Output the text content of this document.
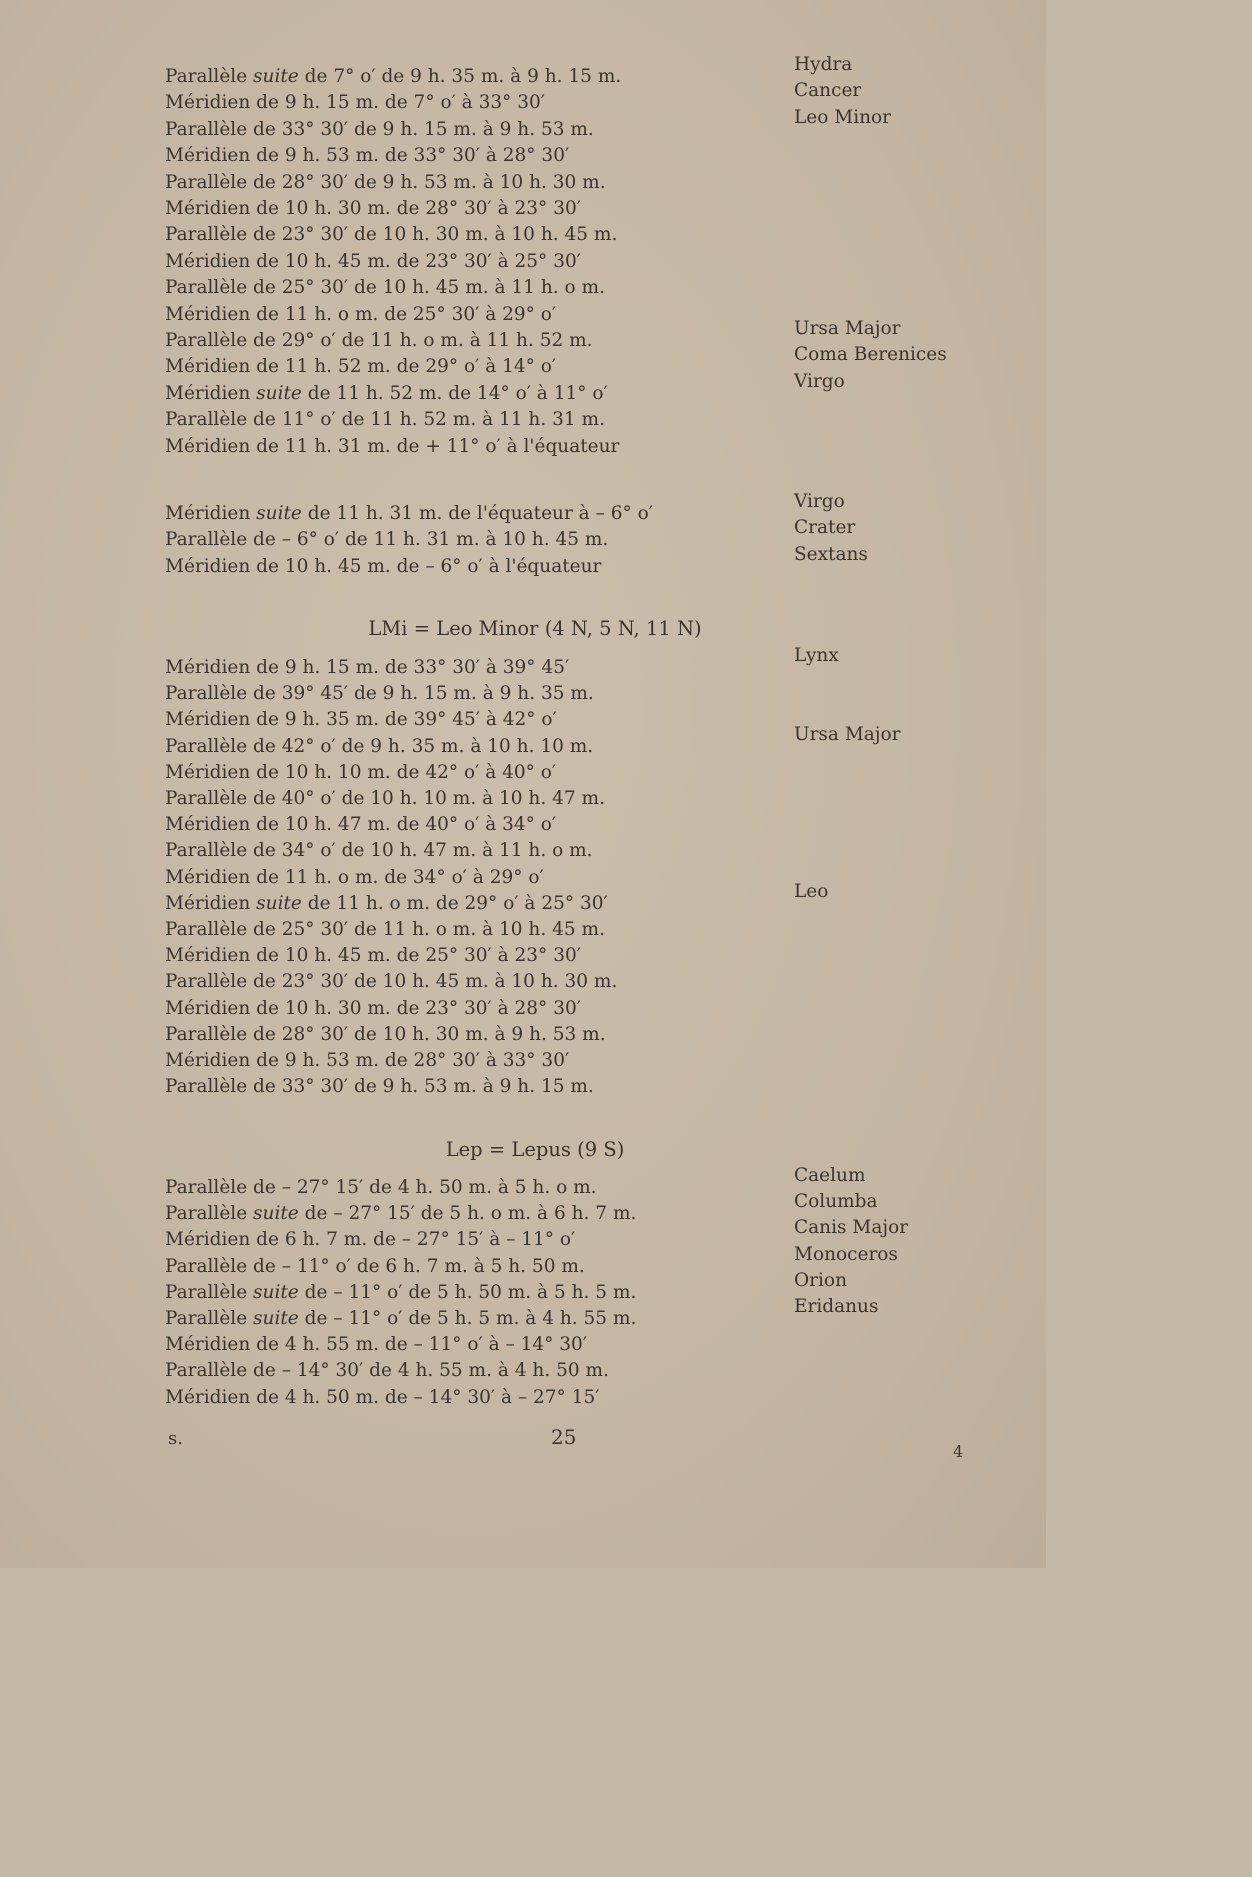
Parallèle suite de 7° o′ de 9 h. 35 m. à 9 h. 15 m.
Méridien de 9 h. 15 m. de 7° o′ à 33° 30′
Parallèle de 33° 30′ de 9 h. 15 m. à 9 h. 53 m.
Méridien de 9 h. 53 m. de 33° 30′ à 28° 30′
Parallèle de 28° 30′ de 9 h. 53 m. à 10 h. 30 m.
Méridien de 10 h. 30 m. de 28° 30′ à 23° 30′
Parallèle de 23° 30′ de 10 h. 30 m. à 10 h. 45 m.
Méridien de 10 h. 45 m. de 23° 30′ à 25° 30′
Parallèle de 25° 30′ de 10 h. 45 m. à 11 h. o m.
Méridien de 11 h. o m. de 25° 30′ à 29° o′
Parallèle de 29° o′ de 11 h. o m. à 11 h. 52 m.
Méridien de 11 h. 52 m. de 29° o′ à 14° o′
Méridien suite de 11 h. 52 m. de 14° o′ à 11° o′
Parallèle de 11° o′ de 11 h. 52 m. à 11 h. 31 m.
Méridien de 11 h. 31 m. de + 11° o′ à l'équateur
Hydra
Cancer
Leo Minor
Ursa Major
Coma Berenices
Virgo
Méridien suite de 11 h. 31 m. de l'équateur à – 6° o′
Parallèle de – 6° o′ de 11 h. 31 m. à 10 h. 45 m.
Méridien de 10 h. 45 m. de – 6° o′ à l'équateur
Virgo
Crater
Sextans
LMi = Leo Minor (4 N, 5 N, 11 N)
Méridien de 9 h. 15 m. de 33° 30′ à 39° 45′
Parallèle de 39° 45′ de 9 h. 15 m. à 9 h. 35 m.
Méridien de 9 h. 35 m. de 39° 45′ à 42° o′
Parallèle de 42° o′ de 9 h. 35 m. à 10 h. 10 m.
Méridien de 10 h. 10 m. de 42° o′ à 40° o′
Parallèle de 40° o′ de 10 h. 10 m. à 10 h. 47 m.
Méridien de 10 h. 47 m. de 40° o′ à 34° o′
Parallèle de 34° o′ de 10 h. 47 m. à 11 h. o m.
Méridien de 11 h. o m. de 34° o′ à 29° o′
Méridien suite de 11 h. o m. de 29° o′ à 25° 30′
Parallèle de 25° 30′ de 11 h. o m. à 10 h. 45 m.
Méridien de 10 h. 45 m. de 25° 30′ à 23° 30′
Parallèle de 23° 30′ de 10 h. 45 m. à 10 h. 30 m.
Méridien de 10 h. 30 m. de 23° 30′ à 28° 30′
Parallèle de 28° 30′ de 10 h. 30 m. à 9 h. 53 m.
Méridien de 9 h. 53 m. de 28° 30′ à 33° 30′
Parallèle de 33° 30′ de 9 h. 53 m. à 9 h. 15 m.
Lynx
Ursa Major
Leo
Lep = Lepus (9 S)
Parallèle de – 27° 15′ de 4 h. 50 m. à 5 h. o m.
Parallèle suite de – 27° 15′ de 5 h. o m. à 6 h. 7 m.
Méridien de 6 h. 7 m. de – 27° 15′ à – 11° o′
Parallèle de – 11° o′ de 6 h. 7 m. à 5 h. 50 m.
Parallèle suite de – 11° o′ de 5 h. 50 m. à 5 h. 5 m.
Parallèle suite de – 11° o′ de 5 h. 5 m. à 4 h. 55 m.
Méridien de 4 h. 55 m. de – 11° o′ à – 14° 30′
Parallèle de – 14° 30′ de 4 h. 55 m. à 4 h. 50 m.
Méridien de 4 h. 50 m. de – 14° 30′ à – 27° 15′
Caelum
Columba
Canis Major
Monoceros
Orion
Eridanus
s.	25
4
